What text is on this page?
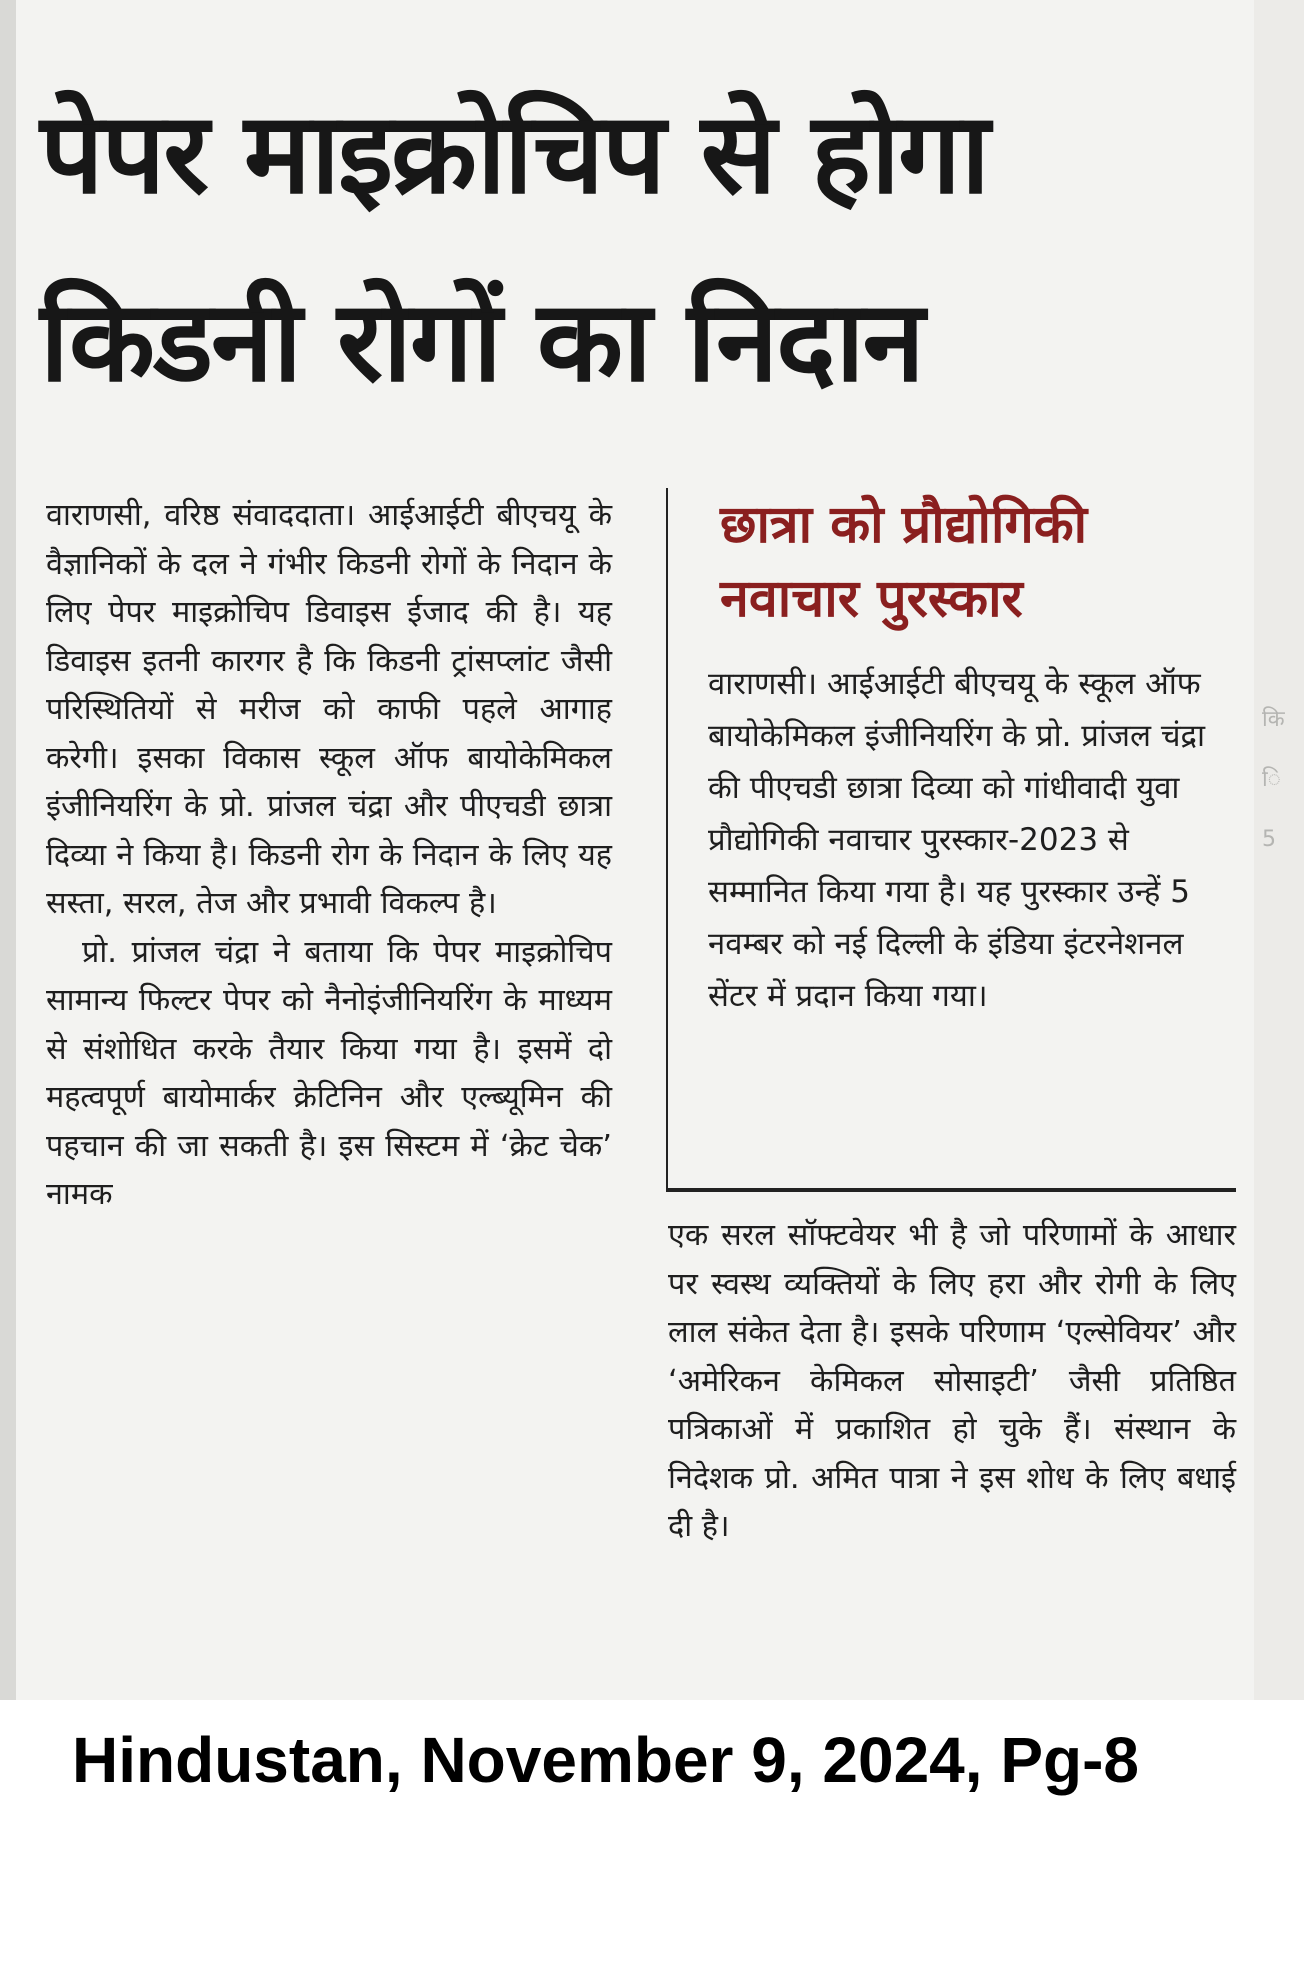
पेपर माइक्रोचिप से होगा किडनी रोगों का निदान

वाराणसी, वरिष्ठ संवाददाता। आईआईटी बीएचयू के वैज्ञानिकों के दल ने गंभीर किडनी रोगों के निदान के लिए पेपर माइक्रोचिप डिवाइस ईजाद की है। यह डिवाइस इतनी कारगर है कि किडनी ट्रांसप्लांट जैसी परिस्थितियों से मरीज को काफी पहले आगाह करेगी। इसका विकास स्कूल ऑफ बायोकेमिकल इंजीनियरिंग के प्रो. प्रांजल चंद्रा और पीएचडी छात्रा दिव्या ने किया है। किडनी रोग के निदान के लिए यह सस्ता, सरल, तेज और प्रभावी विकल्प है।

प्रो. प्रांजल चंद्रा ने बताया कि पेपर माइक्रोचिप सामान्य फिल्टर पेपर को नैनोइंजीनियरिंग के माध्यम से संशोधित करके तैयार किया गया है। इसमें दो महत्वपूर्ण बायोमार्कर क्रेटिनिन और एल्ब्यूमिन की पहचान की जा सकती है। इस सिस्टम में ‘क्रेट चेक’ नामक

छात्रा को प्रौद्योगिकी नवाचार पुरस्कार

वाराणसी। आईआईटी बीएचयू के स्कूल ऑफ बायोकेमिकल इंजीनियरिंग के प्रो. प्रांजल चंद्रा की पीएचडी छात्रा दिव्या को गांधीवादी युवा प्रौद्योगिकी नवाचार पुरस्कार-2023 से सम्मानित किया गया है। यह पुरस्कार उन्हें 5 नवम्बर को नई दिल्ली के इंडिया इंटरनेशनल सेंटर में प्रदान किया गया।

एक सरल सॉफ्टवेयर भी है जो परिणामों के आधार पर स्वस्थ व्यक्तियों के लिए हरा और रोगी के लिए लाल संकेत देता है। इसके परिणाम ‘एल्सेवियर’ और ‘अमेरिकन केमिकल सोसाइटी’ जैसी प्रतिष्ठित पत्रिकाओं में प्रकाशित हो चुके हैं। संस्थान के निदेशक प्रो. अमित पात्रा ने इस शोध के लिए बधाई दी है।

कि ि 5

Hindustan, November 9, 2024, Pg-8
